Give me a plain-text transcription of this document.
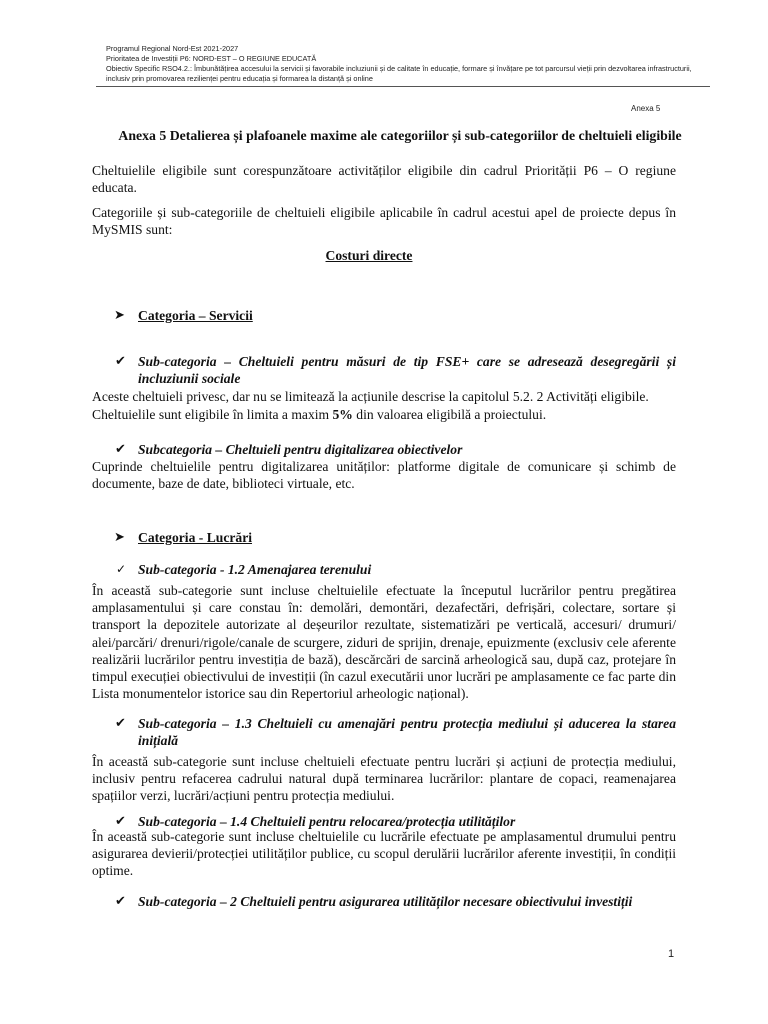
Programul Regional Nord-Est 2021-2027
Prioritatea de Investiții P6: NORD-EST – O REGIUNE EDUCATĂ
Obiectiv Specific RSO4.2.: Îmbunătățirea accesului la servicii și favorabile incluziunii și de calitate în educație, formare și învățare pe tot parcursul vieții prin dezvoltarea infrastructurii, inclusiv prin promovarea rezilienței pentru educația și formarea la distanță și online
Anexa 5
Anexa 5 Detalierea și plafoanele maxime ale categoriilor și sub-categoriilor de cheltuieli eligibile
Cheltuielile eligibile sunt corespunzătoare activităților eligibile din cadrul Priorității P6 – O regiune educata.
Categoriile și sub-categoriile de cheltuieli eligibile aplicabile în cadrul acestui apel de proiecte depus în MySMIS sunt:
Costuri directe
➤ Categoria – Servicii
✔ Sub-categoria – Cheltuieli pentru măsuri de tip FSE+ care se adresează desegregării și incluziunii sociale
Aceste cheltuieli privesc, dar nu se limitează la acțiunile descrise la capitolul 5.2. 2 Activități eligibile.
Cheltuielile sunt eligibile în limita a maxim 5% din valoarea eligibilă a proiectului.
✔ Subcategoria – Cheltuieli pentru digitalizarea obiectivelor
Cuprinde cheltuielile pentru digitalizarea unităților: platforme digitale de comunicare și schimb de documente, baze de date, biblioteci virtuale, etc.
➤ Categoria - Lucrări
✓ Sub-categoria - 1.2 Amenajarea terenului
În această sub-categorie sunt incluse cheltuielile efectuate la începutul lucrărilor pentru pregătirea amplasamentului și care constau în: demolări, demontări, dezafectări, defrișări, colectare, sortare și transport la depozitele autorizate al deșeurilor rezultate, sistematizări pe verticală, accesuri/ drumuri/ alei/parcări/ drenuri/rigole/canale de scurgere, ziduri de sprijin, drenaje, epuizmente (exclusiv cele aferente realizării lucrărilor pentru investiția de bază), descărcări de sarcină arheologică sau, după caz, protejare în timpul execuției obiectivului de investiții (în cazul executării unor lucrări pe amplasamente ce fac parte din Lista monumentelor istorice sau din Repertoriul arheologic național).
✔ Sub-categoria – 1.3 Cheltuieli cu amenajări pentru protecția mediului și aducerea la starea inițială
În această sub-categorie sunt incluse cheltuieli efectuate pentru lucrări și acțiuni de protecția mediului, inclusiv pentru refacerea cadrului natural după terminarea lucrărilor: plantare de copaci, reamenajarea spațiilor verzi, lucrări/acțiuni pentru protecția mediului.
✔ Sub-categoria – 1.4 Cheltuieli pentru relocarea/protecția utilităților
În această sub-categorie sunt incluse cheltuielile cu lucrările efectuate pe amplasamentul drumului pentru asigurarea devierii/protecției utilităților publice, cu scopul derulării lucrărilor aferente investiții, în condiții optime.
✔ Sub-categoria – 2 Cheltuieli pentru asigurarea utilităților necesare obiectivului investiții
1
